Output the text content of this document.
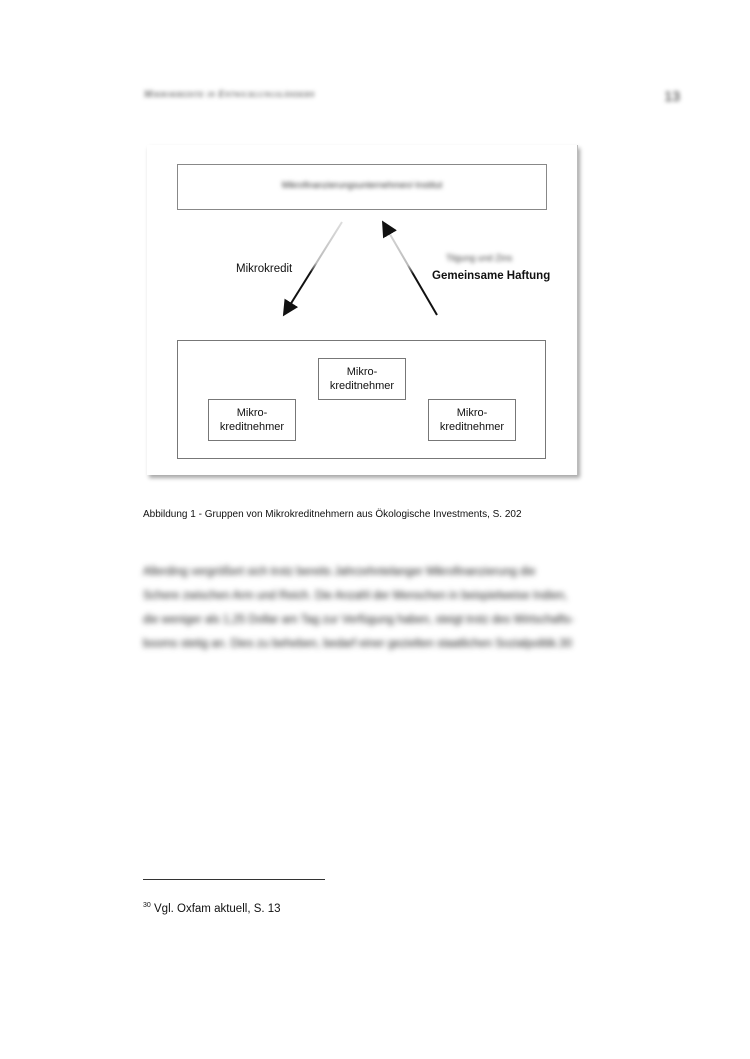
Mikrokredite in Entwicklungsländern	13
Mikrofinanzierungsunternehmen/-Institut
Mikrokredit
Tilgung und Zins
Gemeinsame Haftung
Mikro-
kreditnehmer
Mikro-
kreditnehmer
Mikro-
kreditnehmer
Abbildung 1 - Gruppen von Mikrokreditnehmern aus Ökologische Investments, S. 202
Allerding vergrößert sich trotz bereits Jahrzehntelanger Mikrofinanzierung die
Schere zwischen Arm und Reich. Die Anzahl der Menschen in beispielweise Indien,
die weniger als 1,25 Dollar am Tag zur Verfügung haben, steigt trotz des Wirtschafts-
booms stetig an. Dies zu beheben, bedarf einer gezielten staatlichen Sozialpolitik.30
$^{30}$ Vgl. Oxfam aktuell, S. 13
